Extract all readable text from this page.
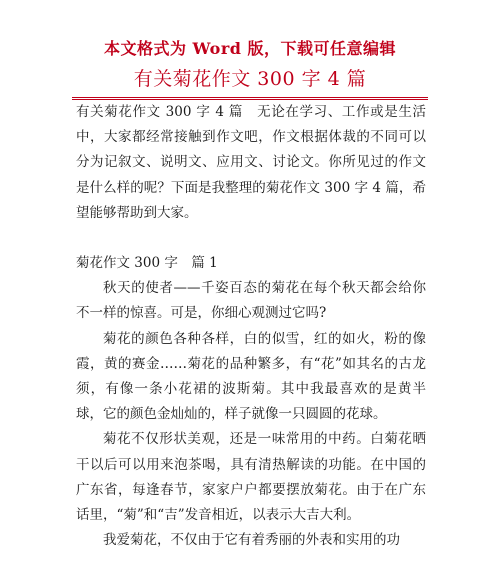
本文格式为 Word 版，下载可任意编辑
有关菊花作文 300 字 4 篇

有关菊花作文 300 字 4 篇　无论在学习、工作或是生活中，大家都经常接触到作文吧，作文根据体裁的不同可以分为记叙文、说明文、应用文、讨论文。你所见过的作文是什么样的呢？下面是我整理的菊花作文 300 字 4 篇，希望能够帮助到大家。

菊花作文 300 字　篇 1

秋天的使者——千姿百态的菊花在每个秋天都会给你不一样的惊喜。可是，你细心观测过它吗?

菊花的颜色各种各样，白的似雪，红的如火，粉的像霞，黄的赛金……菊花的品种繁多，有“花”如其名的古龙须，有像一条小花裙的波斯菊。其中我最喜欢的是黄半球，它的颜色金灿灿的，样子就像一只圆圆的花球。

菊花不仅形状美观，还是一味常用的中药。白菊花晒干以后可以用来泡茶喝，具有清热解读的功能。在中国的广东省，每逢春节，家家户户都要摆放菊花。由于在广东话里，“菊”和“吉”发音相近，以表示大吉大利。

我爱菊花，不仅由于它有着秀丽的外表和实用的功
